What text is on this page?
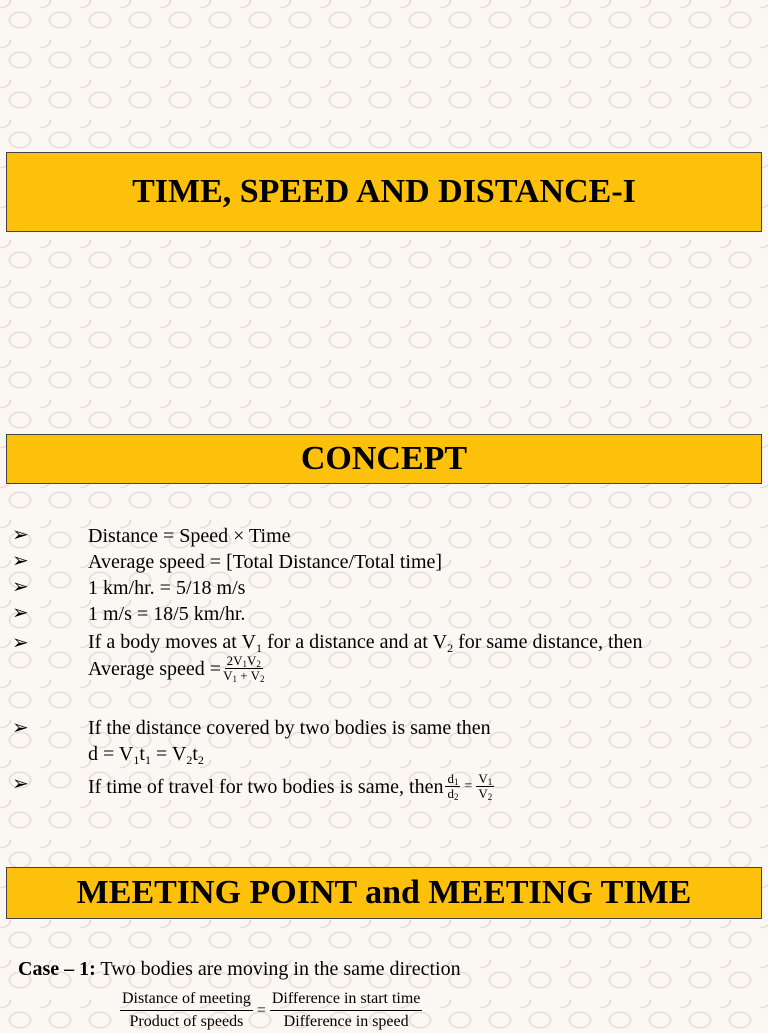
TIME, SPEED AND DISTANCE-I
CONCEPT
➢
➢
➢
➢
➢
➢
➢
Distance = Speed × Time
Average speed = [Total Distance/Total time]
1 km/hr. = 5/18 m/s
1 m/s = 18/5 km/hr.
If a body moves at $V_1$ for a distance and at $V_2$ for same distance, then
Average speed = $\frac{2V_1V_2}{V_1 + V_2}$
If the distance covered by two bodies is same then
$d = V_1t_1 = V_2t_2$
If time of travel for two bodies is same, then $\frac{d_1}{d_2} = \frac{V_1}{V_2}$
MEETING POINT and MEETING TIME
Case – 1: Two bodies are moving in the same direction
$\frac{\text{Distance of meeting}}{\text{Product of speeds}} = \frac{\text{Difference in start time}}{\text{Difference in speed}}$
